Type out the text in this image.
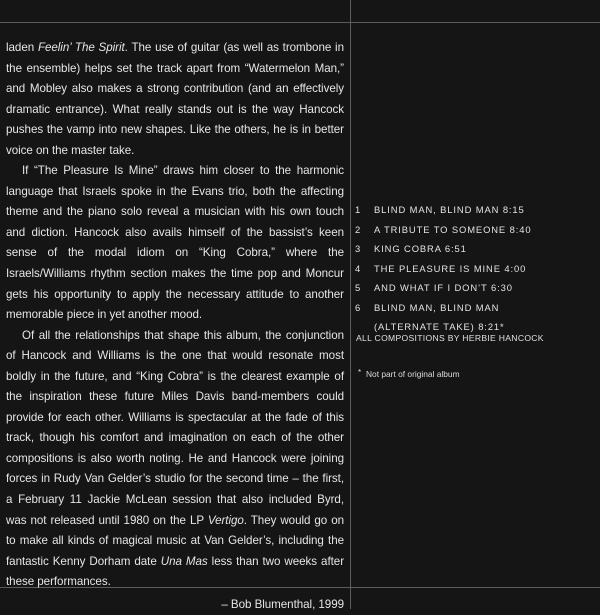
laden Feelin’ The Spirit. The use of guitar (as well as trombone in the ensemble) helps set the track apart from “Watermelon Man,” and Mobley also makes a strong contribution (and an effectively dramatic entrance). What really stands out is the way Hancock pushes the vamp into new shapes. Like the others, he is in better voice on the master take.

If “The Pleasure Is Mine” draws him closer to the harmonic language that Israels spoke in the Evans trio, both the affecting theme and the piano solo reveal a musician with his own touch and diction. Hancock also avails himself of the bassist’s keen sense of the modal idiom on “King Cobra,” where the Israels/Williams rhythm section makes the time pop and Moncur gets his opportunity to apply the necessary attitude to another memorable piece in yet another mood.

Of all the relationships that shape this album, the conjunction of Hancock and Williams is the one that would resonate most boldly in the future, and “King Cobra” is the clearest example of the inspiration these future Miles Davis band-members could provide for each other. Williams is spectacular at the fade of this track, though his comfort and imagination on each of the other compositions is also worth noting. He and Hancock were joining forces in Rudy Van Gelder’s studio for the second time – the first, a February 11 Jackie McLean session that also included Byrd, was not released until 1980 on the LP Vertigo. They would go on to make all kinds of magical music at Van Gelder’s, including the fantastic Kenny Dorham date Una Mas less than two weeks after these performances.

– Bob Blumenthal, 1999

1	BLIND MAN, BLIND MAN 8:15
2	A TRIBUTE TO SOMEONE 8:40
3	KING COBRA 6:51
4	THE PLEASURE IS MINE 4:00
5	AND WHAT IF I DON’T 6:30
6	BLIND MAN, BLIND MAN
(ALTERNATE TAKE) 8:21*
ALL COMPOSITIONS BY HERBIE HANCOCK
* Not part of original album
